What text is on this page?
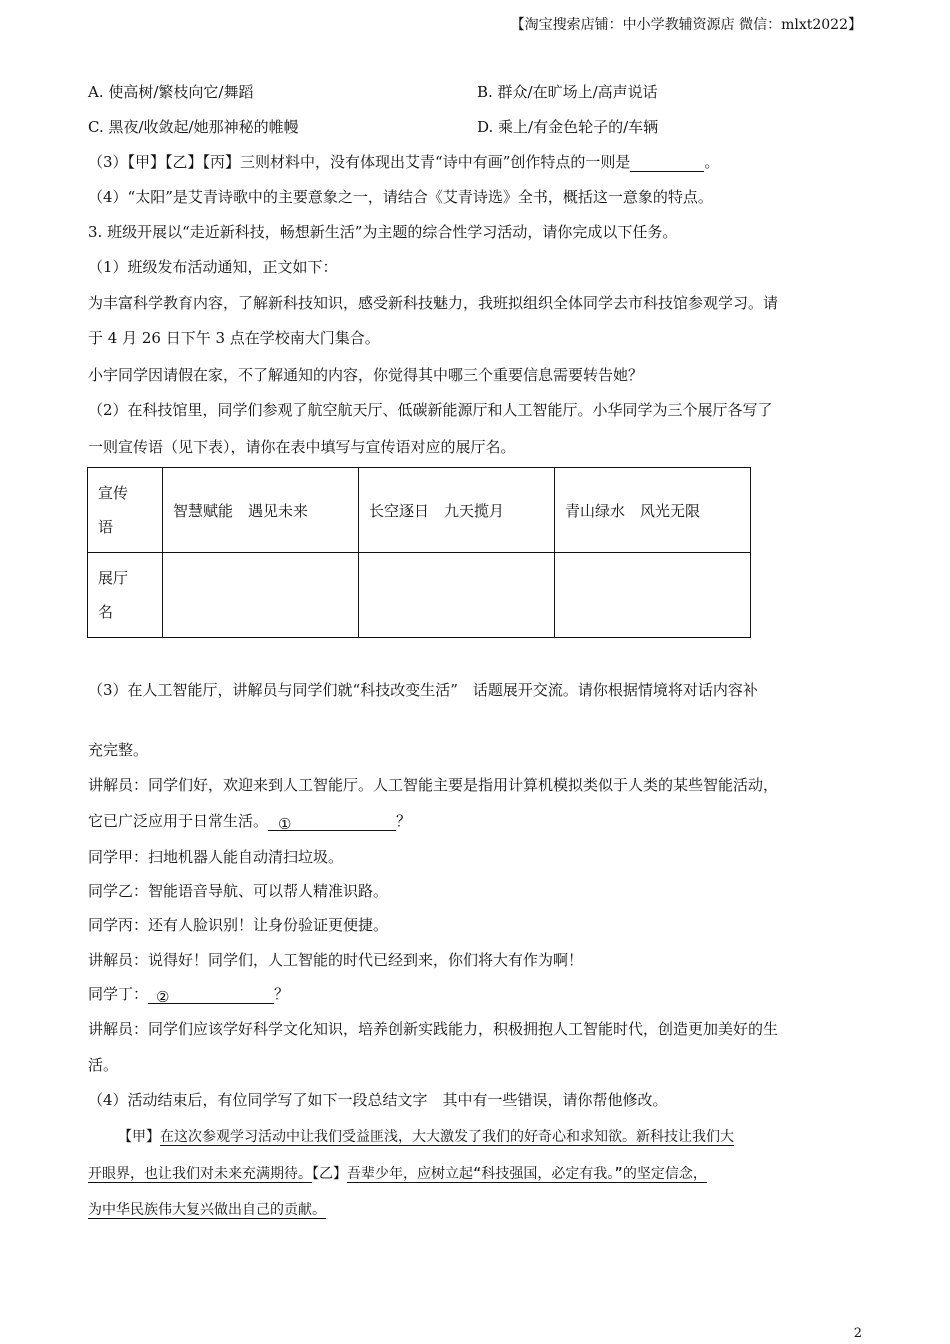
【淘宝搜索店铺：中小学教辅资源店 微信：mlxt2022】
A. 使高树/繁枝向它/舞蹈	B. 群众/在旷场上/高声说话
C. 黑夜/收敛起/她那神秘的帷幔	D. 乘上/有金色轮子的/车辆
（3）【甲】【乙】【丙】三则材料中，没有体现出艾青“诗中有画”创作特点的一则是	。
（4）“太阳”是艾青诗歌中的主要意象之一，请结合《艾青诗选》全书，概括这一意象的特点。
3. 班级开展以“走近新科技，畅想新生活”为主题的综合性学习活动，请你完成以下任务。
（1）班级发布活动通知，正文如下：
为丰富科学教育内容，了解新科技知识，感受新科技魅力，我班拟组织全体同学去市科技馆参观学习。请
于 4 月 26 日下午 3 点在学校南大门集合。
小宇同学因请假在家，不了解通知的内容，你觉得其中哪三个重要信息需要转告她？
（2）在科技馆里，同学们参观了航空航天厅、低碳新能源厅和人工智能厅。小华同学为三个展厅各写了
一则宣传语（见下表），请你在表中填写与宣传语对应的展厅名。
宣传
语	智慧赋能　遇见未来	长空逐日　九天揽月	青山绿水　风光无限

展厅
名			

（3）在人工智能厅，讲解员与同学们就“科技改变生活”　话题展开交流。请你根据情境将对话内容补
充完整。
讲解员：同学们好，欢迎来到人工智能厅。人工智能主要是指用计算机模拟类似于人类的某些智能活动，
它已广泛应用于日常生活。 ①	？
同学甲：扫地机器人能自动清扫垃圾。
同学乙：智能语音导航、可以帮人精准识路。
同学丙：还有人脸识别！让身份验证更便捷。
讲解员：说得好！同学们，人工智能的时代已经到来，你们将大有作为啊！
同学丁： ②	？
讲解员：同学们应该学好科学文化知识，培养创新实践能力，积极拥抱人工智能时代，创造更加美好的生
活。
（4）活动结束后，有位同学写了如下一段总结文字　其中有一些错误，请你帮他修改。
【甲】在这次参观学习活动中让我们受益匪浅，大大激发了我们的好奇心和求知欲。新科技让我们大
开眼界，也让我们对未来充满期待。【乙】吾辈少年，应树立起“科技强国，必定有我。”的坚定信念，
为中华民族伟大复兴做出自己的贡献。
2
